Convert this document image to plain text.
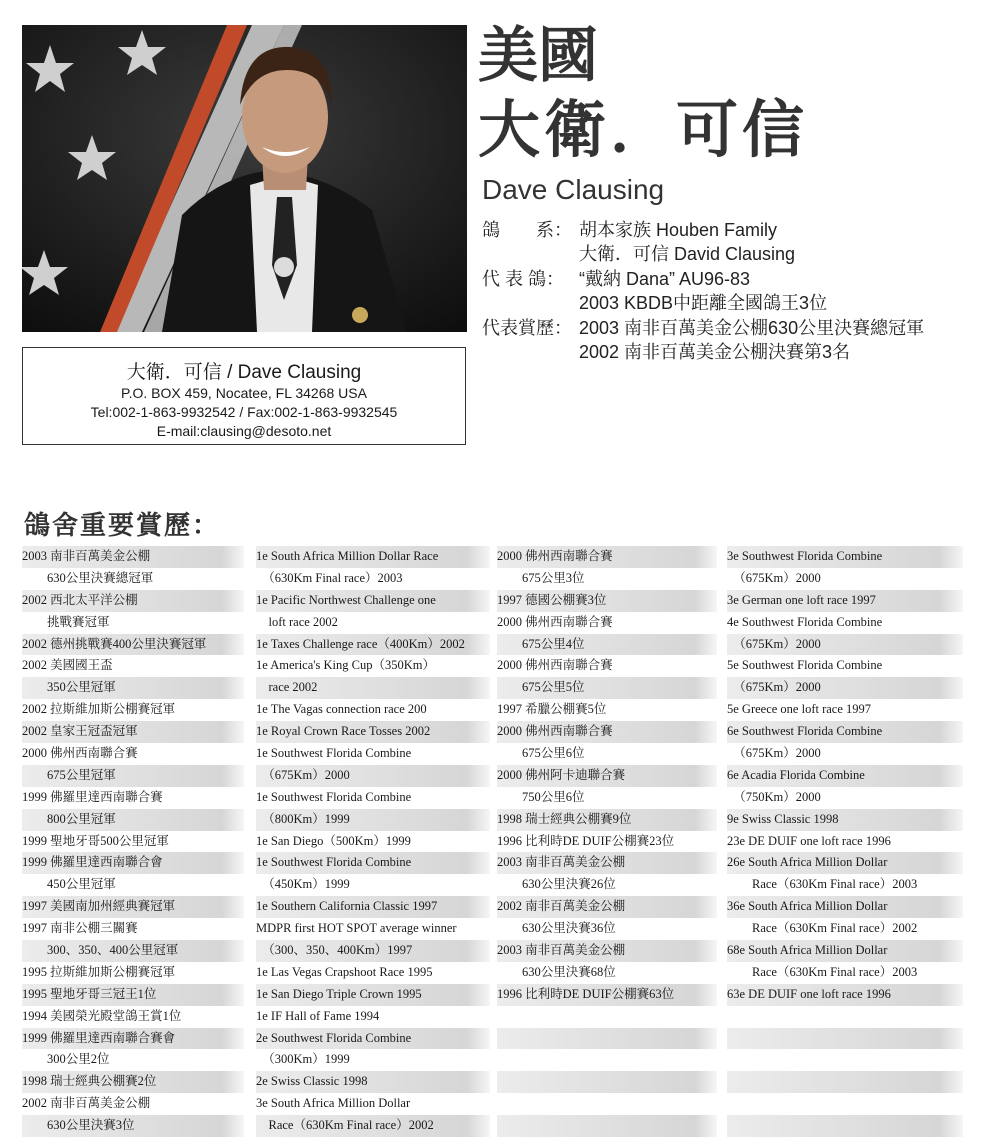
美國
大衛．可信
Dave Clausing
鴿　　系： 胡本家族 Houben Family
大衛．可信 David Clausing
代 表 鴿： “戴納 Dana” AU96-83
2003 KBDB中距離全國鴿王3位
代表賞歷： 2003 南非百萬美金公棚630公里決賽總冠軍
2002 南非百萬美金公棚決賽第3名
大衛．可信 / Dave Clausing
P.O. BOX 459, Nocatee, FL 34268 USA
Tel:002-1-863-9932542 / Fax:002-1-863-9932545
E-mail:clausing@desoto.net
鴿舍重要賞歷：
2003 南非百萬美金公棚
　　630公里決賽總冠軍
2002 西北太平洋公棚
　　挑戰賽冠軍
2002 德州挑戰賽400公里決賽冠軍
2002 美國國王盃
　　350公里冠軍
2002 拉斯維加斯公棚賽冠軍
2002 皇家王冠盃冠軍
2000 佛州西南聯合賽
　　675公里冠軍
1999 佛羅里達西南聯合賽
　　800公里冠軍
1999 聖地牙哥500公里冠軍
1999 佛羅里達西南聯合會
　　450公里冠軍
1997 美國南加州經典賽冠軍
1997 南非公棚三關賽
　　300、350、400公里冠軍
1995 拉斯維加斯公棚賽冠軍
1995 聖地牙哥三冠王1位
1994 美國榮光殿堂鴿王賞1位
1999 佛羅里達西南聯合賽會
　　300公里2位
1998 瑞士經典公棚賽2位
2002 南非百萬美金公棚
　　630公里決賽3位
1e South Africa Million Dollar Race
　（630Km Final race）2003
1e Pacific Northwest Challenge one
　loft race 2002
1e Taxes Challenge race（400Km）2002
1e America's King Cup（350Km）
　race 2002
1e The Vagas connection race 200
1e Royal Crown Race Tosses 2002
1e Southwest Florida Combine
　（675Km）2000
1e Southwest Florida Combine
　（800Km）1999
1e San Diego（500Km）1999
1e Southwest Florida Combine
　（450Km）1999
1e Southern California Classic 1997
MDPR first HOT SPOT average winner
　（300、350、400Km）1997
1e Las Vegas Crapshoot Race 1995
1e San Diego Triple Crown 1995
1e IF Hall of Fame 1994
2e Southwest Florida Combine
　（300Km）1999
2e Swiss Classic 1998
3e South Africa Million Dollar
　Race（630Km Final race）2002
2000 佛州西南聯合賽
　　675公里3位
1997 德國公棚賽3位
2000 佛州西南聯合賽
　　675公里4位
2000 佛州西南聯合賽
　　675公里5位
1997 希臘公棚賽5位
2000 佛州西南聯合賽
　　675公里6位
2000 佛州阿卡迪聯合賽
　　750公里6位
1998 瑞士經典公棚賽9位
1996 比利時DE DUIF公棚賽23位
2003 南非百萬美金公棚
　　630公里決賽26位
2002 南非百萬美金公棚
　　630公里決賽36位
2003 南非百萬美金公棚
　　630公里決賽68位
1996 比利時DE DUIF公棚賽63位
3e Southwest Florida Combine
　（675Km）2000
3e German one loft race 1997
4e Southwest Florida Combine
　（675Km）2000
5e Southwest Florida Combine
　（675Km）2000
5e Greece one loft race 1997
6e Southwest Florida Combine
　（675Km）2000
6e Acadia Florida Combine
　（750Km）2000
9e Swiss Classic 1998
23e DE DUIF one loft race 1996
26e South Africa Million Dollar
　　Race（630Km Final race）2003
36e South Africa Million Dollar
　　Race（630Km Final race）2002
68e South Africa Million Dollar
　　Race（630Km Final race）2003
63e DE DUIF one loft race 1996
